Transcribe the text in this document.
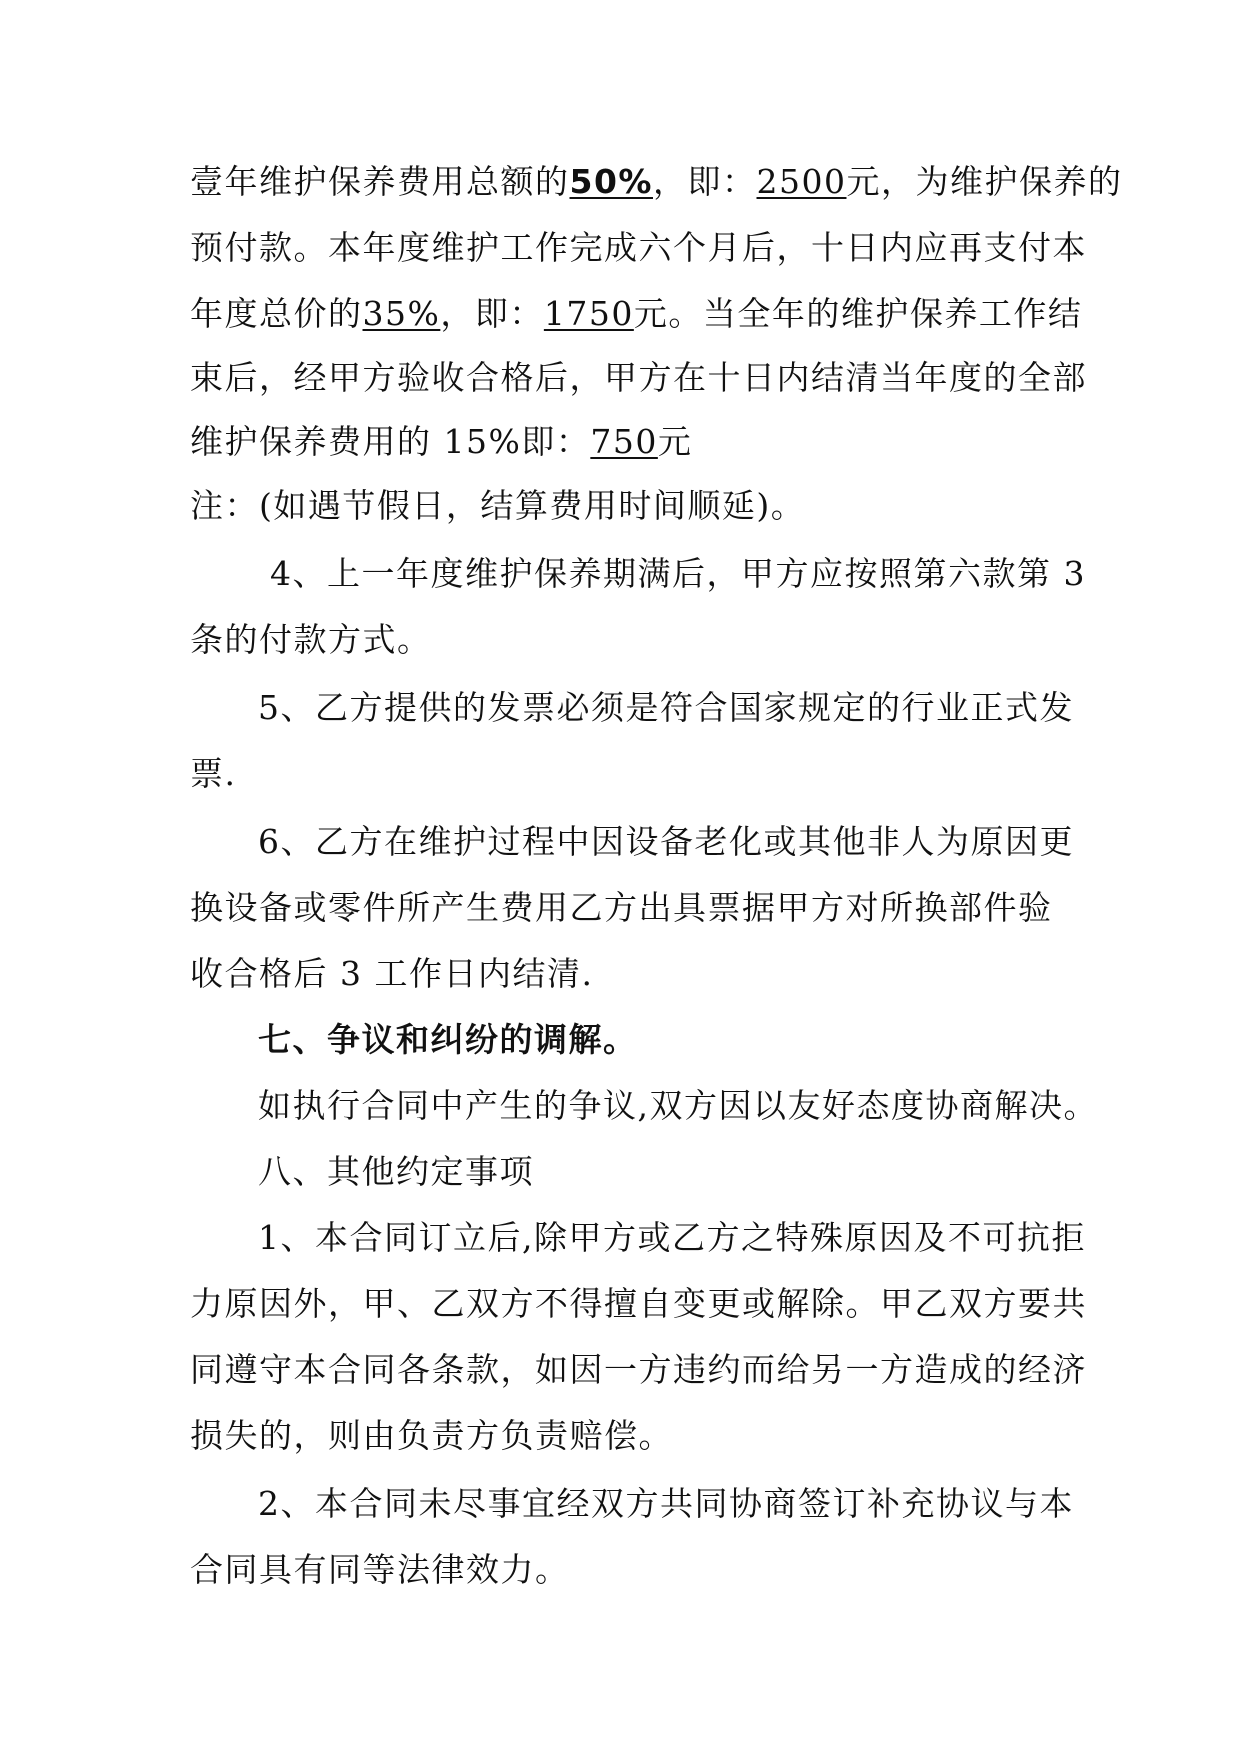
壹年维护保养费用总额的50%，即：2500元，为维护保养的
预付款。本年度维护工作完成六个月后，十日内应再支付本
年度总价的35%，即：1750元。当全年的维护保养工作结
束后，经甲方验收合格后，甲方在十日内结清当年度的全部
维护保养费用的 15%即：750元
注：(如遇节假日，结算费用时间顺延)。
4、上一年度维护保养期满后，甲方应按照第六款第 3
条的付款方式。
5、乙方提供的发票必须是符合国家规定的行业正式发
票.
6、乙方在维护过程中因设备老化或其他非人为原因更
换设备或零件所产生费用乙方出具票据甲方对所换部件验
收合格后 3 工作日内结清.
七、争议和纠纷的调解。
如执行合同中产生的争议,双方因以友好态度协商解决。
八、其他约定事项
1、本合同订立后,除甲方或乙方之特殊原因及不可抗拒
力原因外，甲、乙双方不得擅自变更或解除。甲乙双方要共
同遵守本合同各条款，如因一方违约而给另一方造成的经济
损失的，则由负责方负责赔偿。
2、本合同未尽事宜经双方共同协商签订补充协议与本
合同具有同等法律效力。
